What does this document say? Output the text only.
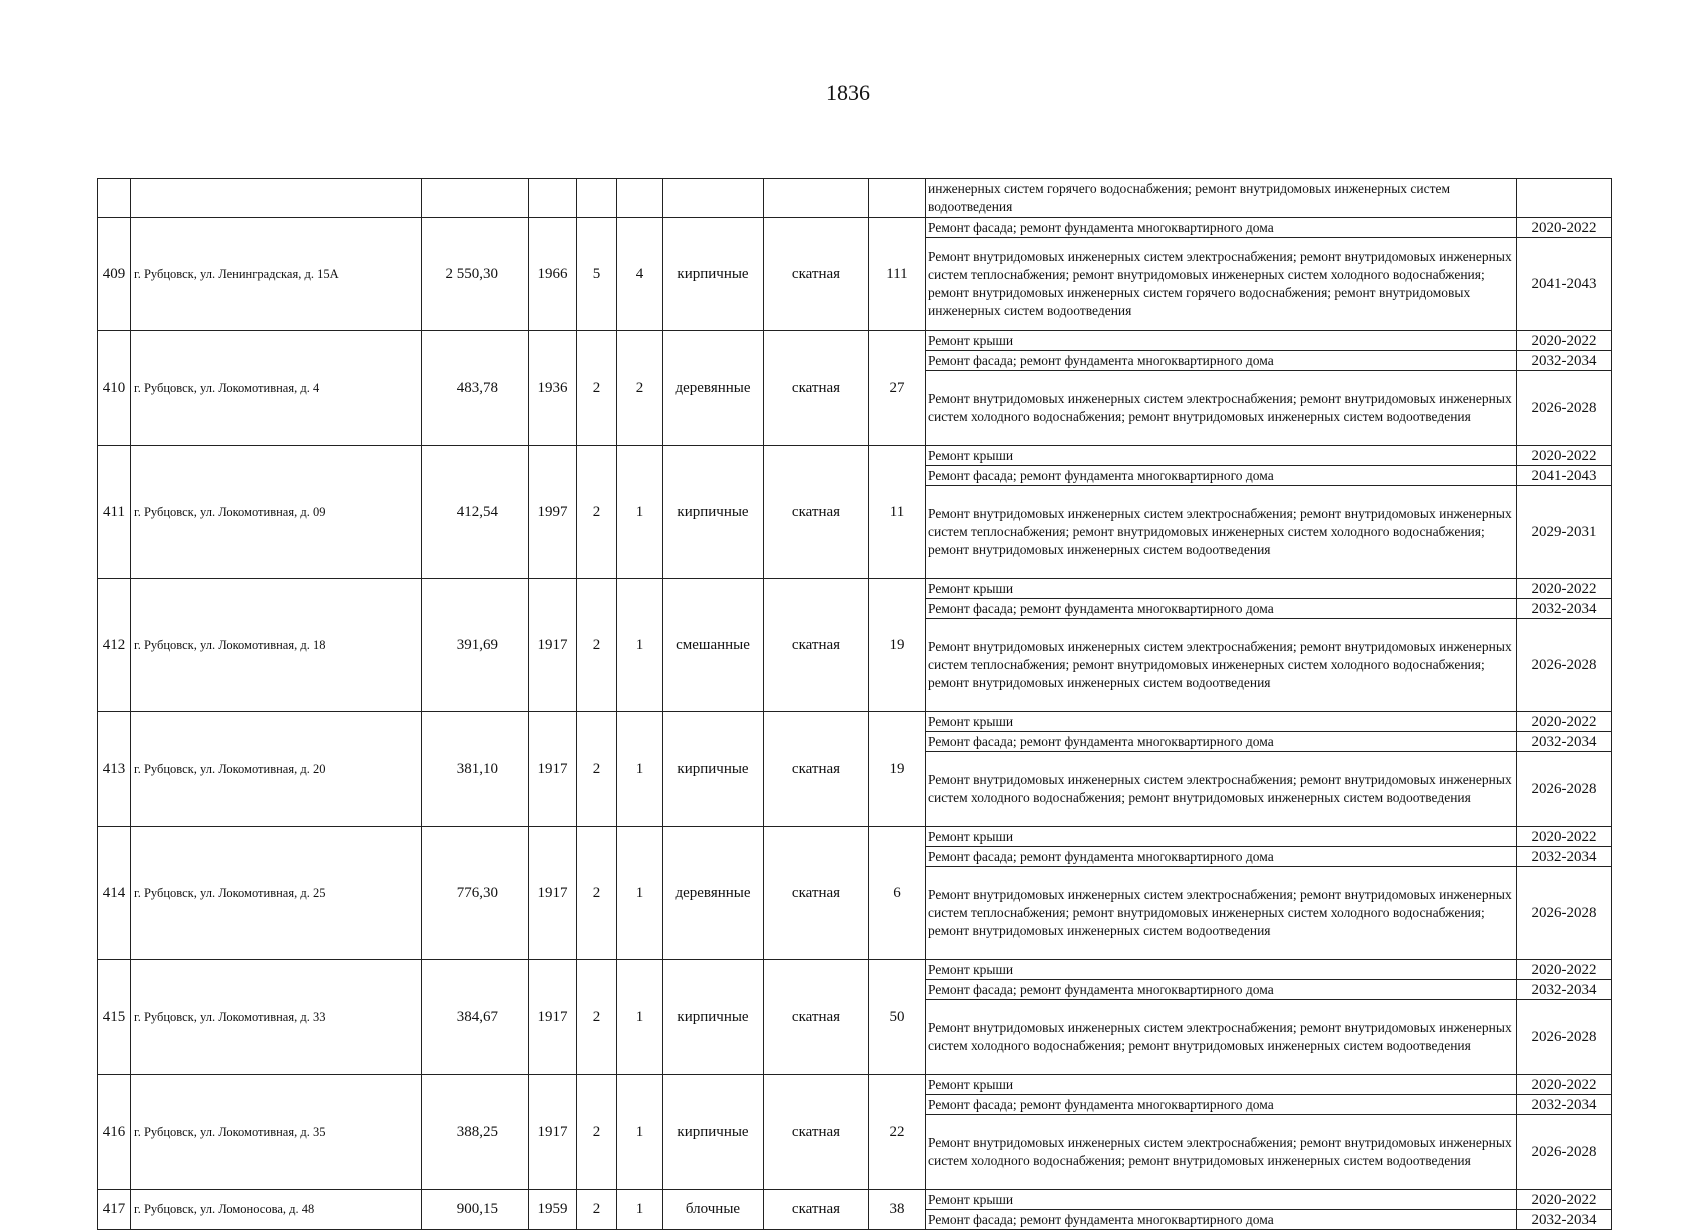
1836
									инженерных систем горячего водоснабжения; ремонт внутридомовых инженерных систем водоотведения	
409	г. Рубцовск, ул. Ленинградская, д. 15А	2 550,30	1966	5	4	кирпичные	скатная	111	Ремонт фасада; ремонт фундамента многоквартирного дома	2020-2022
									Ремонт внутридомовых инженерных систем электроснабжения; ремонт внутридомовых инженерных систем теплоснабжения; ремонт внутридомовых инженерных систем холодного водоснабжения; ремонт внутридомовых инженерных систем горячего водоснабжения; ремонт внутридомовых инженерных систем водоотведения	2041-2043
410	г. Рубцовск, ул. Локомотивная, д. 4	483,78	1936	2	2	деревянные	скатная	27	Ремонт крыши	2020-2022
									Ремонт фасада; ремонт фундамента многоквартирного дома	2032-2034
									Ремонт внутридомовых инженерных систем электроснабжения; ремонт внутридомовых инженерных систем холодного водоснабжения; ремонт внутридомовых инженерных систем водоотведения	2026-2028
411	г. Рубцовск, ул. Локомотивная, д. 09	412,54	1997	2	1	кирпичные	скатная	11	Ремонт крыши	2020-2022
									Ремонт фасада; ремонт фундамента многоквартирного дома	2041-2043
									Ремонт внутридомовых инженерных систем электроснабжения; ремонт внутридомовых инженерных систем теплоснабжения; ремонт внутридомовых инженерных систем холодного водоснабжения; ремонт внутридомовых инженерных систем водоотведения	2029-2031
412	г. Рубцовск, ул. Локомотивная, д. 18	391,69	1917	2	1	смешанные	скатная	19	Ремонт крыши	2020-2022
									Ремонт фасада; ремонт фундамента многоквартирного дома	2032-2034
									Ремонт внутридомовых инженерных систем электроснабжения; ремонт внутридомовых инженерных систем теплоснабжения; ремонт внутридомовых инженерных систем холодного водоснабжения; ремонт внутридомовых инженерных систем водоотведения	2026-2028
413	г. Рубцовск, ул. Локомотивная, д. 20	381,10	1917	2	1	кирпичные	скатная	19	Ремонт крыши	2020-2022
									Ремонт фасада; ремонт фундамента многоквартирного дома	2032-2034
									Ремонт внутридомовых инженерных систем электроснабжения; ремонт внутридомовых инженерных систем холодного водоснабжения; ремонт внутридомовых инженерных систем водоотведения	2026-2028
414	г. Рубцовск, ул. Локомотивная, д. 25	776,30	1917	2	1	деревянные	скатная	6	Ремонт крыши	2020-2022
									Ремонт фасада; ремонт фундамента многоквартирного дома	2032-2034
									Ремонт внутридомовых инженерных систем электроснабжения; ремонт внутридомовых инженерных систем теплоснабжения; ремонт внутридомовых инженерных систем холодного водоснабжения; ремонт внутридомовых инженерных систем водоотведения	2026-2028
415	г. Рубцовск, ул. Локомотивная, д. 33	384,67	1917	2	1	кирпичные	скатная	50	Ремонт крыши	2020-2022
									Ремонт фасада; ремонт фундамента многоквартирного дома	2032-2034
									Ремонт внутридомовых инженерных систем электроснабжения; ремонт внутридомовых инженерных систем холодного водоснабжения; ремонт внутридомовых инженерных систем водоотведения	2026-2028
416	г. Рубцовск, ул. Локомотивная, д. 35	388,25	1917	2	1	кирпичные	скатная	22	Ремонт крыши	2020-2022
									Ремонт фасада; ремонт фундамента многоквартирного дома	2032-2034
									Ремонт внутридомовых инженерных систем электроснабжения; ремонт внутридомовых инженерных систем холодного водоснабжения; ремонт внутридомовых инженерных систем водоотведения	2026-2028
417	г. Рубцовск, ул. Ломоносова, д. 48	900,15	1959	2	1	блочные	скатная	38	Ремонт крыши	2020-2022
									Ремонт фасада; ремонт фундамента многоквартирного дома	2032-2034
